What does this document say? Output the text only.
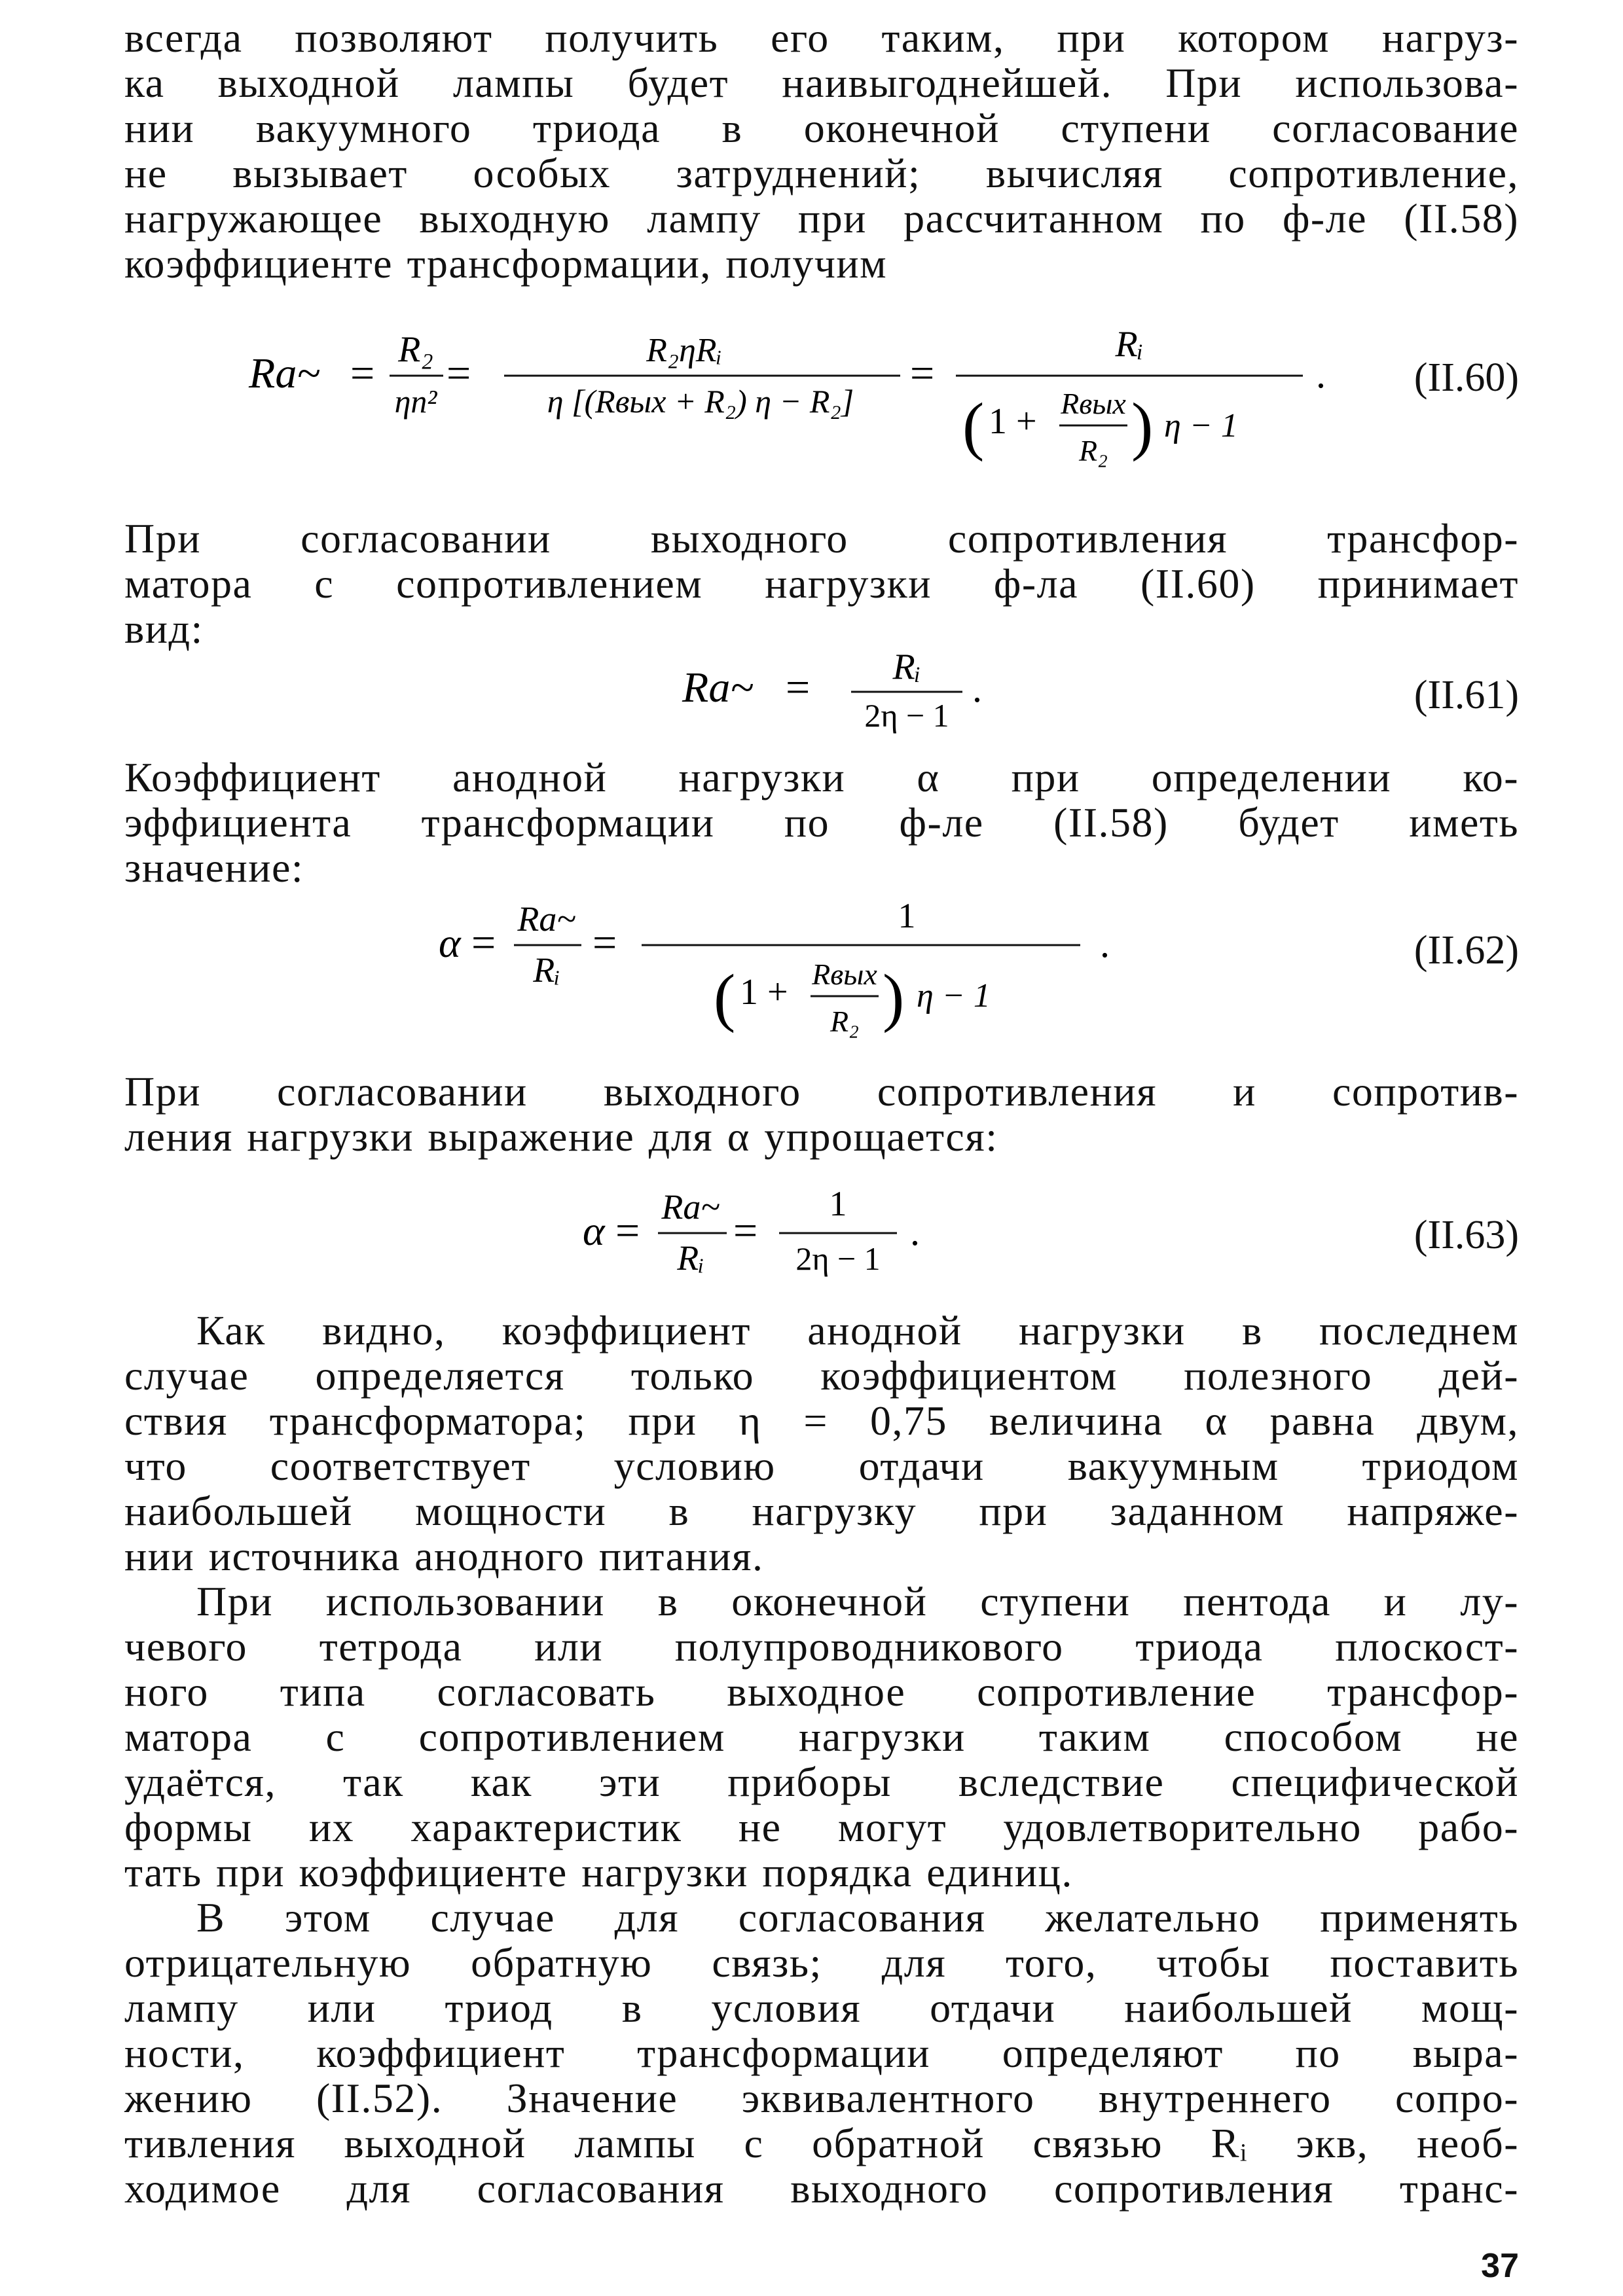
всегда позволяют получить его таким, при котором нагруз-
ка выходной лампы будет наивыгоднейшей. При использова-
нии вакуумного триода в оконечной ступени согласование
не вызывает особых затруднений; вычисляя сопротивление,
нагружающее выходную лампу при рассчитанном по ф-ле (II.58)
коэффициенте трансформации, получим
Ra~ = R₂
ηn²
=	R₂ηRᵢ
η [(Rвых + R₂) η − R₂]
=
Rᵢ
( 1 + Rвых
R₂ ) η − 1
. (II.60)
При согласовании выходного сопротивления трансфор-
матора с сопротивлением нагрузки ф-ла (II.60) принимает
вид:
Ra~ = Rᵢ
2η − 1
.	(II.61)
Коэффициент анодной нагрузки α при определении ко-
эффициента трансформации по ф-ле (II.58) будет иметь
значение:
α = Ra~
Rᵢ
=
1
( 1 + Rвых
R₂ ) η − 1
.	(II.62)
При согласовании выходного сопротивления и сопротив-
ления нагрузки выражение для α упрощается:
α = Ra~
Rᵢ
=
1
2η − 1
.	(II.63)
Как видно, коэффициент анодной нагрузки в последнем
случае определяется только коэффициентом полезного дей-
ствия трансформатора; при η = 0,75 величина α равна двум,
что соответствует условию отдачи вакуумным триодом
наибольшей мощности в нагрузку при заданном напряже-
нии источника анодного питания.
При использовании в оконечной ступени пентода и лу-
чевого тетрода или полупроводникового триода плоскост-
ного типа согласовать выходное сопротивление трансфор-
матора с сопротивлением нагрузки таким способом не
удаётся, так как эти приборы вследствие специфической
формы их характеристик не могут удовлетворительно рабо-
тать при коэффициенте нагрузки порядка единиц.
В этом случае для согласования желательно применять
отрицательную обратную связь; для того, чтобы поставить
лампу или триод в условия отдачи наибольшей мощ-
ности, коэффициент трансформации определяют по выра-
жению (II.52). Значение эквивалентного внутреннего сопро-
тивления выходной лампы с обратной связью Rᵢ экв, необ-
ходимое для согласования выходного сопротивления транс-
37
